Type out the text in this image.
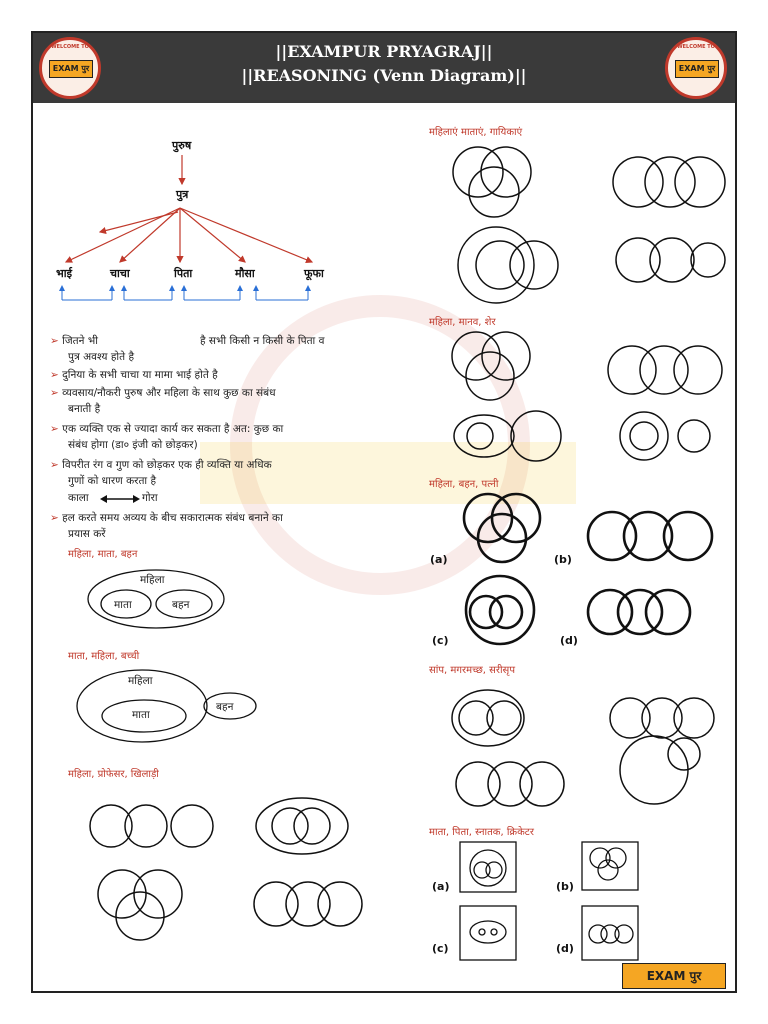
WELCOME TO
EXAM पुर
||EXAMPUR PRYAGRAJ||
||REASONING (Venn Diagram)||
WELCOME TO
EXAM पुर
पुरुष
पुत्र
भाई	चाचा	पिता	मौसा	फूफा
➢ जितने भी	है सभी किसी न किसी के पिता व
पुत्र अवश्य होते है
➢ दुनिया के सभी चाचा या मामा भाई होते है
➢ व्यवसाय/नौकरी पुरुष और महिला के साथ कुछ का संबंध
बनाती है
➢ एक व्यक्ति एक से ज्यादा कार्य कर सकता है अत: कुछ का
संबंध होगा (डा० इंजी को छोड़कर)
➢ विपरीत रंग व गुण को छोड़कर एक ही व्यक्ति या अधिक
गुणों को धारण करता है
काला	गोरा
➢ हल करते समय अव्यय के बीच सकारात्मक संबंध बनाने का
प्रयास करें
महिला, माता, बहन
महिला
माता	बहन
माता, महिला, बच्ची
महिला
माता
बहन
महिला, प्रोफेसर, खिलाड़ी
महिलाएं माताएं, गायिकाएं
महिला, मानव, शेर
महिला, बहन, पत्नी
(a)	(b)
(c)	(d)
सांप, मगरमच्छ, सरीसृप
माता, पिता, स्नातक, क्रिकेटर
(a)	(b)
(c)	(d)
EXAM पुर
